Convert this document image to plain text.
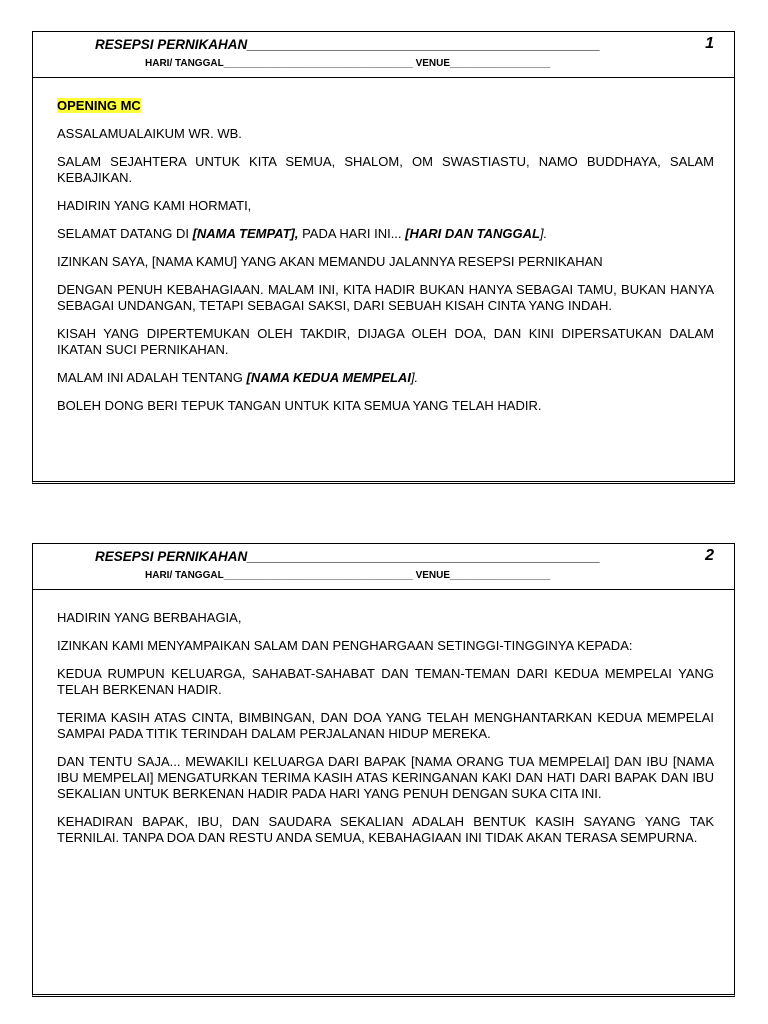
RESEPSI PERNIKAHAN_______________________________________________	1
HARI/ TANGGAL__________________________________ VENUE__________________

OPENING MC

ASSALAMUALAIKUM WR. WB.

SALAM SEJAHTERA UNTUK KITA SEMUA, SHALOM, OM SWASTIASTU, NAMO BUDDHAYA, SALAM KEBAJIKAN.

HADIRIN YANG KAMI HORMATI,

SELAMAT DATANG DI [NAMA TEMPAT], PADA HARI INI... [HARI DAN TANGGAL].

IZINKAN SAYA, [NAMA KAMU] YANG AKAN MEMANDU JALANNYA RESEPSI PERNIKAHAN

DENGAN PENUH KEBAHAGIAAN. MALAM INI, KITA HADIR BUKAN HANYA SEBAGAI TAMU, BUKAN HANYA SEBAGAI UNDANGAN, TETAPI SEBAGAI SAKSI, DARI SEBUAH KISAH CINTA YANG INDAH.

KISAH YANG DIPERTEMUKAN OLEH TAKDIR, DIJAGA OLEH DOA, DAN KINI DIPERSATUKAN DALAM IKATAN SUCI PERNIKAHAN.

MALAM INI ADALAH TENTANG [NAMA KEDUA MEMPELAI].

BOLEH DONG BERI TEPUK TANGAN UNTUK KITA SEMUA YANG TELAH HADIR.

RESEPSI PERNIKAHAN_______________________________________________	2
HARI/ TANGGAL__________________________________ VENUE__________________

HADIRIN YANG BERBAHAGIA,

IZINKAN KAMI MENYAMPAIKAN SALAM DAN PENGHARGAAN SETINGGI-TINGGINYA KEPADA:

KEDUA RUMPUN KELUARGA, SAHABAT-SAHABAT DAN TEMAN-TEMAN DARI KEDUA MEMPELAI YANG TELAH BERKENAN HADIR.

TERIMA KASIH ATAS CINTA, BIMBINGAN, DAN DOA YANG TELAH MENGHANTARKAN KEDUA MEMPELAI SAMPAI PADA TITIK TERINDAH DALAM PERJALANAN HIDUP MEREKA.

DAN TENTU SAJA... MEWAKILI KELUARGA DARI BAPAK [NAMA ORANG TUA MEMPELAI] DAN IBU [NAMA IBU MEMPELAI] MENGATURKAN TERIMA KASIH ATAS KERINGANAN KAKI DAN HATI DARI BAPAK DAN IBU SEKALIAN UNTUK BERKENAN HADIR PADA HARI YANG PENUH DENGAN SUKA CITA INI.

KEHADIRAN BAPAK, IBU, DAN SAUDARA SEKALIAN ADALAH BENTUK KASIH SAYANG YANG TAK TERNILAI. TANPA DOA DAN RESTU ANDA SEMUA, KEBAHAGIAAN INI TIDAK AKAN TERASA SEMPURNA.
